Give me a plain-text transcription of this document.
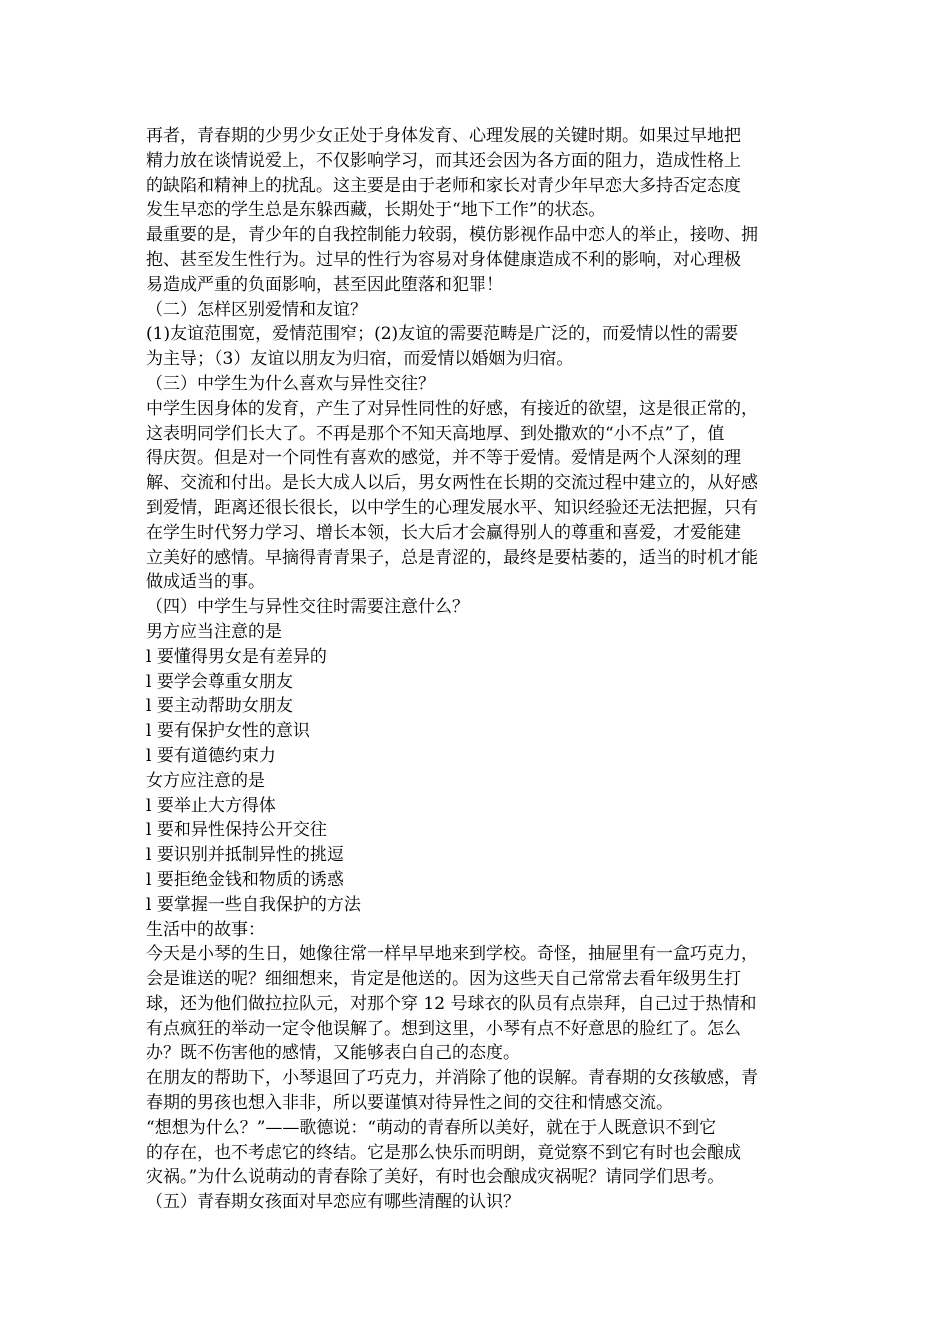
再者，青春期的少男少女正处于身体发育、心理发展的关键时期。如果过早地把
精力放在谈情说爱上，不仅影响学习，而其还会因为各方面的阻力，造成性格上
的缺陷和精神上的扰乱。这主要是由于老师和家长对青少年早恋大多持否定态度
发生早恋的学生总是东躲西藏，长期处于“地下工作”的状态。
最重要的是，青少年的自我控制能力较弱，模仿影视作品中恋人的举止，接吻、拥
抱、甚至发生性行为。过早的性行为容易对身体健康造成不利的影响，对心理极
易造成严重的负面影响，甚至因此堕落和犯罪！
（二）怎样区别爱情和友谊？
(1)友谊范围宽，爱情范围窄；(2)友谊的需要范畴是广泛的，而爱情以性的需要
为主导；（3）友谊以朋友为归宿，而爱情以婚姻为归宿。
（三）中学生为什么喜欢与异性交往？
中学生因身体的发育，产生了对异性同性的好感，有接近的欲望，这是很正常的，
这表明同学们长大了。不再是那个不知天高地厚、到处撒欢的“小不点”了，值
得庆贺。但是对一个同性有喜欢的感觉，并不等于爱情。爱情是两个人深刻的理
解、交流和付出。是长大成人以后，男女两性在长期的交流过程中建立的，从好感
到爱情，距离还很长很长，以中学生的心理发展水平、知识经验还无法把握，只有
在学生时代努力学习、增长本领，长大后才会赢得别人的尊重和喜爱，才爱能建
立美好的感情。早摘得青青果子，总是青涩的，最终是要枯萎的，适当的时机才能
做成适当的事。
（四）中学生与异性交往时需要注意什么？
男方应当注意的是
l 要懂得男女是有差异的
l 要学会尊重女朋友
l 要主动帮助女朋友
l 要有保护女性的意识
l 要有道德约束力
女方应注意的是
l 要举止大方得体
l 要和异性保持公开交往
l 要识别并抵制异性的挑逗
l 要拒绝金钱和物质的诱惑
l 要掌握一些自我保护的方法
生活中的故事：
今天是小琴的生日，她像往常一样早早地来到学校。奇怪，抽屉里有一盒巧克力，
会是谁送的呢？细细想来，肯定是他送的。因为这些天自己常常去看年级男生打
球，还为他们做拉拉队元，对那个穿 12 号球衣的队员有点崇拜，自己过于热情和
有点疯狂的举动一定令他误解了。想到这里，小琴有点不好意思的脸红了。怎么
办？既不伤害他的感情，又能够表白自己的态度。
在朋友的帮助下，小琴退回了巧克力，并消除了他的误解。青春期的女孩敏感，青
春期的男孩也想入非非，所以要谨慎对待异性之间的交往和情感交流。
“想想为什么？”——歌德说：“萌动的青春所以美好，就在于人既意识不到它
的存在，也不考虑它的终结。它是那么快乐而明朗，竟觉察不到它有时也会酿成
灾祸。”为什么说萌动的青春除了美好，有时也会酿成灾祸呢？请同学们思考。
（五）青春期女孩面对早恋应有哪些清醒的认识？
